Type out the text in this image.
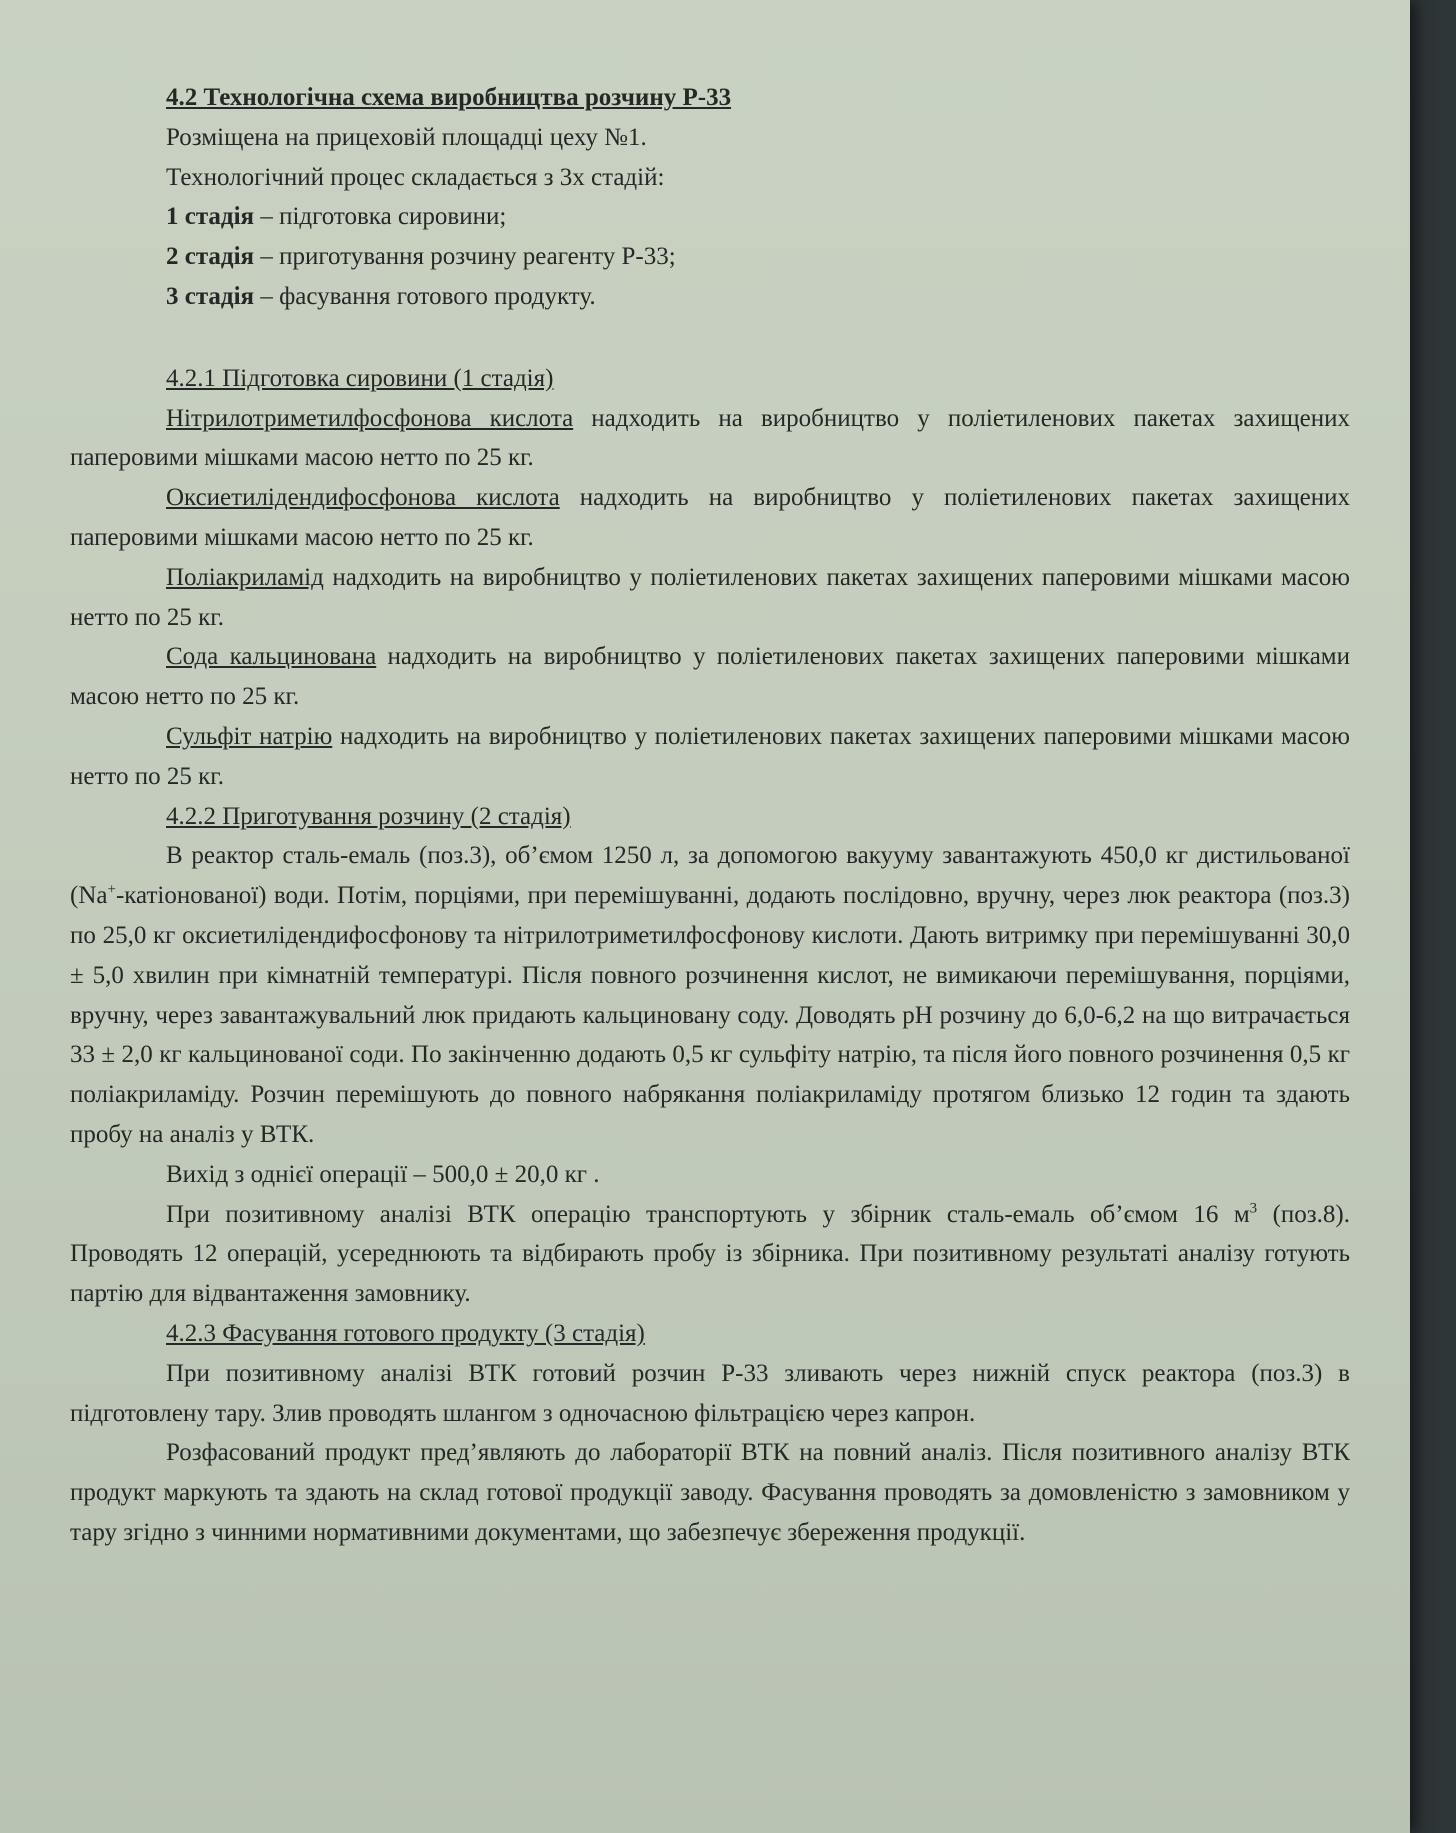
4.2 Технологічна схема виробництва розчину Р-33

Розміщена на прицеховій площадці цеху №1.

Технологічний процес складається з 3х стадій:

1 стадія – підготовка сировини;

2 стадія – приготування розчину реагенту Р-33;

3 стадія – фасування готового продукту.

4.2.1 Підготовка сировини (1 стадія)

Нітрилотриметилфосфонова кислота надходить на виробництво у поліетиленових пакетах захищених паперовими мішками масою нетто по 25 кг.

Оксиетилідендифосфонова кислота надходить на виробництво у поліетиленових пакетах захищених паперовими мішками масою нетто по 25 кг.

Поліакриламід надходить на виробництво у поліетиленових пакетах захищених паперовими мішками масою нетто по 25 кг.

Сода кальцинована надходить на виробництво у поліетиленових пакетах захищених паперовими мішками масою нетто по 25 кг.

Сульфіт натрію надходить на виробництво у поліетиленових пакетах захищених паперовими мішками масою нетто по 25 кг.

4.2.2 Приготування розчину (2 стадія)

В реактор сталь-емаль (поз.3), об’ємом 1250 л, за допомогою вакууму завантажують 450,0 кг дистильованої (Na+-катіонованої) води. Потім, порціями, при перемішуванні, додають послідовно, вручну, через люк реактора (поз.3) по 25,0 кг оксиетилідендифосфонову та нітрилотриметилфосфонову кислоти. Дають витримку при перемішуванні 30,0 ± 5,0 хвилин при кімнатній температурі. Після повного розчинення кислот, не вимикаючи перемішування, порціями, вручну, через завантажувальний люк придають кальциновану соду. Доводять рН розчину до 6,0-6,2 на що витрачається 33 ± 2,0 кг кальцинованої соди. По закінченню додають 0,5 кг сульфіту натрію, та після його повного розчинення 0,5 кг поліакриламіду. Розчин перемішують до повного набрякання поліакриламіду протягом близько 12 годин та здають пробу на аналіз у ВТК.

Вихід з однієї операції – 500,0 ± 20,0 кг .

При позитивному аналізі ВТК операцію транспортують у збірник сталь-емаль об’ємом 16 $м^3$ (поз.8). Проводять 12 операцій, усереднюють та відбирають пробу із збірника. При позитивному результаті аналізу готують партію для відвантаження замовнику.

4.2.3 Фасування готового продукту (3 стадія)

При позитивному аналізі ВТК готовий розчин Р-33 зливають через нижній спуск реактора (поз.3) в підготовлену тару. Злив проводять шлангом з одночасною фільтрацією через капрон.

Розфасований продукт пред’являють до лабораторії ВТК на повний аналіз. Після позитивного аналізу ВТК продукт маркують та здають на склад готової продукції заводу. Фасування проводять за домовленістю з замовником у тару згідно з чинними нормативними документами, що забезпечує збереження продукції.
